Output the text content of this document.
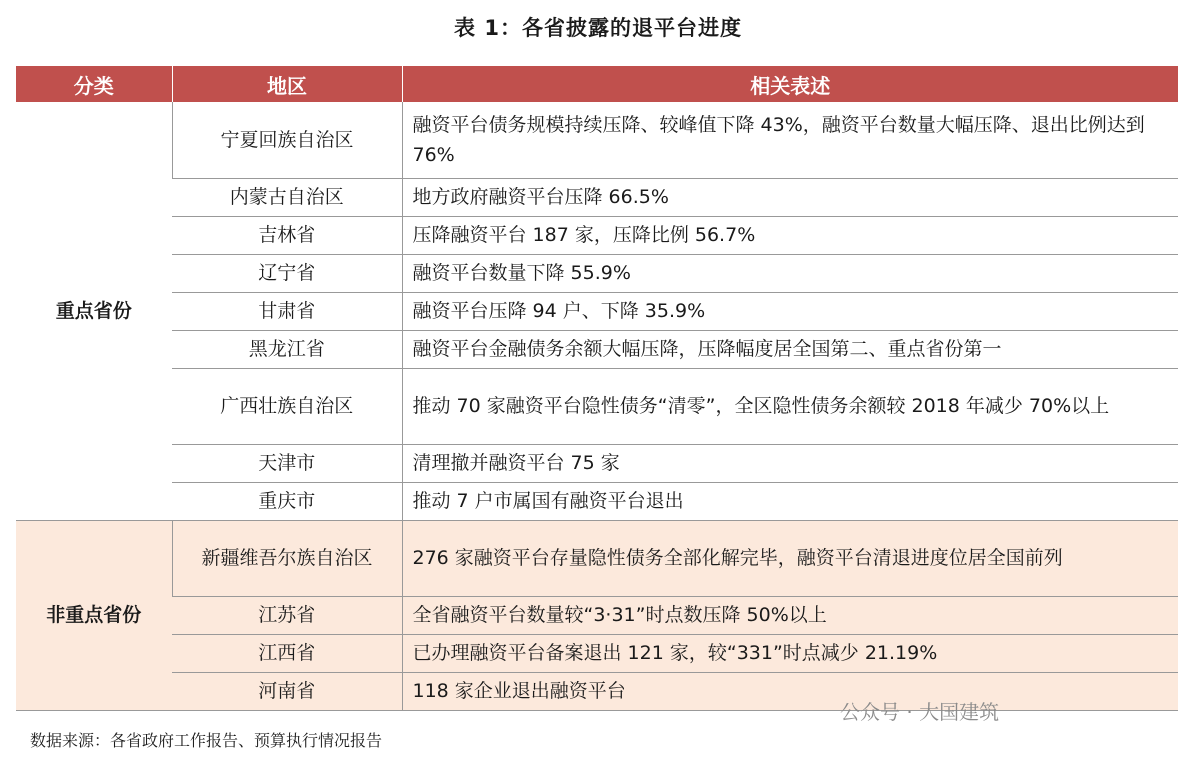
表 1：各省披露的退平台进度
分类	地区	相关表述
重点省份	宁夏回族自治区	融资平台债务规模持续压降、较峰值下降 43%，融资平台数量大幅压降、退出比例达到 76%
	内蒙古自治区	地方政府融资平台压降 66.5%
	吉林省	压降融资平台 187 家，压降比例 56.7%
	辽宁省	融资平台数量下降 55.9%
	甘肃省	融资平台压降 94 户、下降 35.9%
	黑龙江省	融资平台金融债务余额大幅压降，压降幅度居全国第二、重点省份第一
	广西壮族自治区	推动 70 家融资平台隐性债务“清零”，全区隐性债务余额较 2018 年减少 70%以上
	天津市	清理撤并融资平台 75 家
	重庆市	推动 7 户市属国有融资平台退出
非重点省份	新疆维吾尔族自治区	276 家融资平台存量隐性债务全部化解完毕，融资平台清退进度位居全国前列
	江苏省	全省融资平台数量较“3·31”时点数压降 50%以上
	江西省	已办理融资平台备案退出 121 家，较“331”时点减少 21.19%
	河南省	118 家企业退出融资平台
公众号 · 大国建筑
数据来源：各省政府工作报告、预算执行情况报告
